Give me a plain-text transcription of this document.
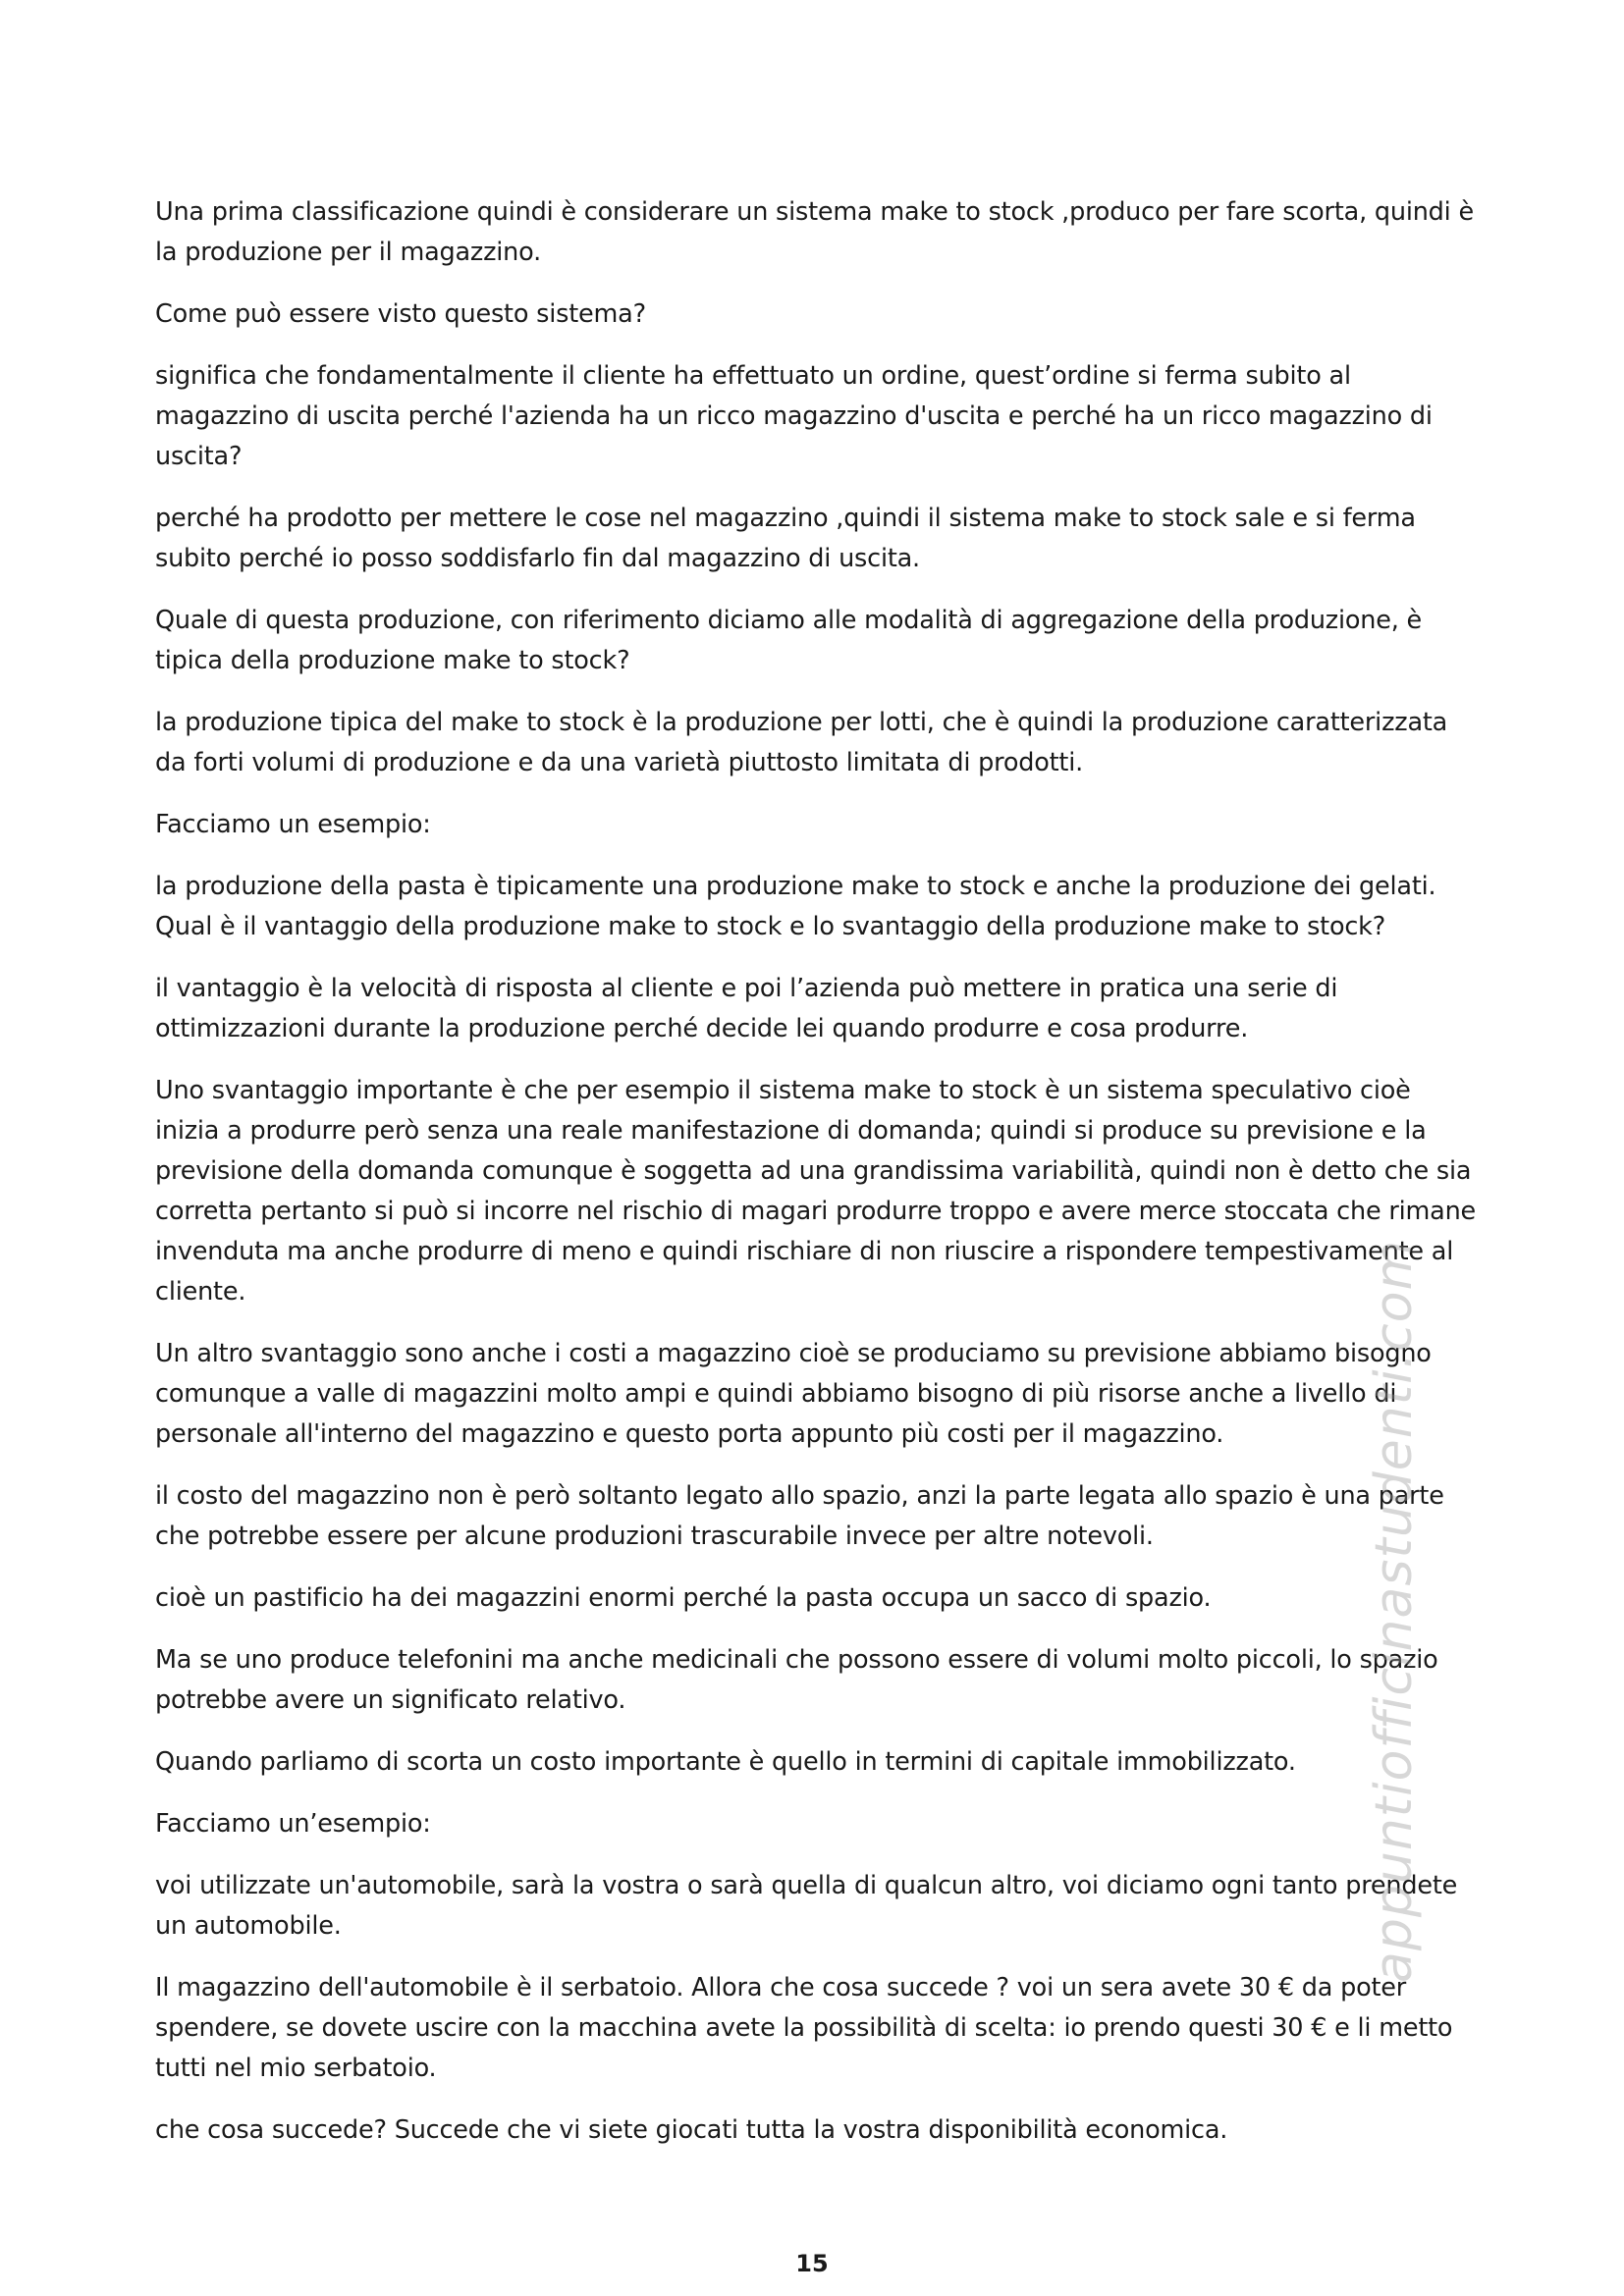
Una prima classificazione quindi è considerare un sistema make to stock ,produco per fare scorta, quindi è la produzione per il magazzino.

Come può essere visto questo sistema?

significa che fondamentalmente il cliente ha effettuato un ordine, quest’ordine si ferma subito al magazzino di uscita perché l'azienda ha un ricco magazzino d'uscita e perché ha un ricco magazzino di uscita?

perché ha prodotto per mettere le cose nel magazzino ,quindi il sistema make to stock sale e si ferma subito perché io posso soddisfarlo fin dal magazzino di uscita.

Quale di questa produzione, con riferimento diciamo alle modalità di aggregazione della produzione, è tipica della produzione make to stock?

la produzione tipica del make to stock è la produzione per lotti, che è quindi la produzione caratterizzata da forti volumi di produzione e da una varietà piuttosto limitata di prodotti.

Facciamo un esempio:

la produzione della pasta è tipicamente una produzione make to stock e anche la produzione dei gelati. Qual è il vantaggio della produzione make to stock e lo svantaggio della produzione make to stock?

il vantaggio è la velocità di risposta al cliente e poi l’azienda può mettere in pratica una serie di ottimizzazioni durante la produzione perché decide lei quando produrre e cosa produrre.

Uno svantaggio importante è che per esempio il sistema make to stock è un sistema speculativo cioè inizia a produrre però senza una reale manifestazione di domanda; quindi si produce su previsione e la previsione della domanda comunque è soggetta ad una grandissima variabilità, quindi non è detto che sia corretta pertanto si può si incorre nel rischio di magari produrre troppo e avere merce stoccata che rimane invenduta ma anche produrre di meno e quindi rischiare di non riuscire a rispondere tempestivamente al cliente.

Un altro svantaggio sono anche i costi a magazzino cioè se produciamo su previsione abbiamo bisogno comunque a valle di magazzini molto ampi e quindi abbiamo bisogno di più risorse anche a livello di personale all'interno del magazzino e questo porta appunto più costi per il magazzino.

il costo del magazzino non è però soltanto legato allo spazio, anzi la parte legata allo spazio è una parte che potrebbe essere per alcune produzioni trascurabile invece per altre notevoli.

cioè un pastificio ha dei magazzini enormi perché la pasta occupa un sacco di spazio.

Ma se uno produce telefonini ma anche medicinali che possono essere di volumi molto piccoli, lo spazio potrebbe avere un significato relativo.

Quando parliamo di scorta un costo importante è quello in termini di capitale immobilizzato.

Facciamo un’esempio:

voi utilizzate un'automobile, sarà la vostra o sarà quella di qualcun altro, voi diciamo ogni tanto prendete un automobile.

Il magazzino dell'automobile è il serbatoio. Allora che cosa succede ? voi un sera avete 30 € da poter spendere, se dovete uscire con la macchina avete la possibilità di scelta: io prendo questi 30 € e li metto tutti nel mio serbatoio.

che cosa succede? Succede che vi siete giocati tutta la vostra disponibilità economica.

appuntiofficinastudenti.com
15
